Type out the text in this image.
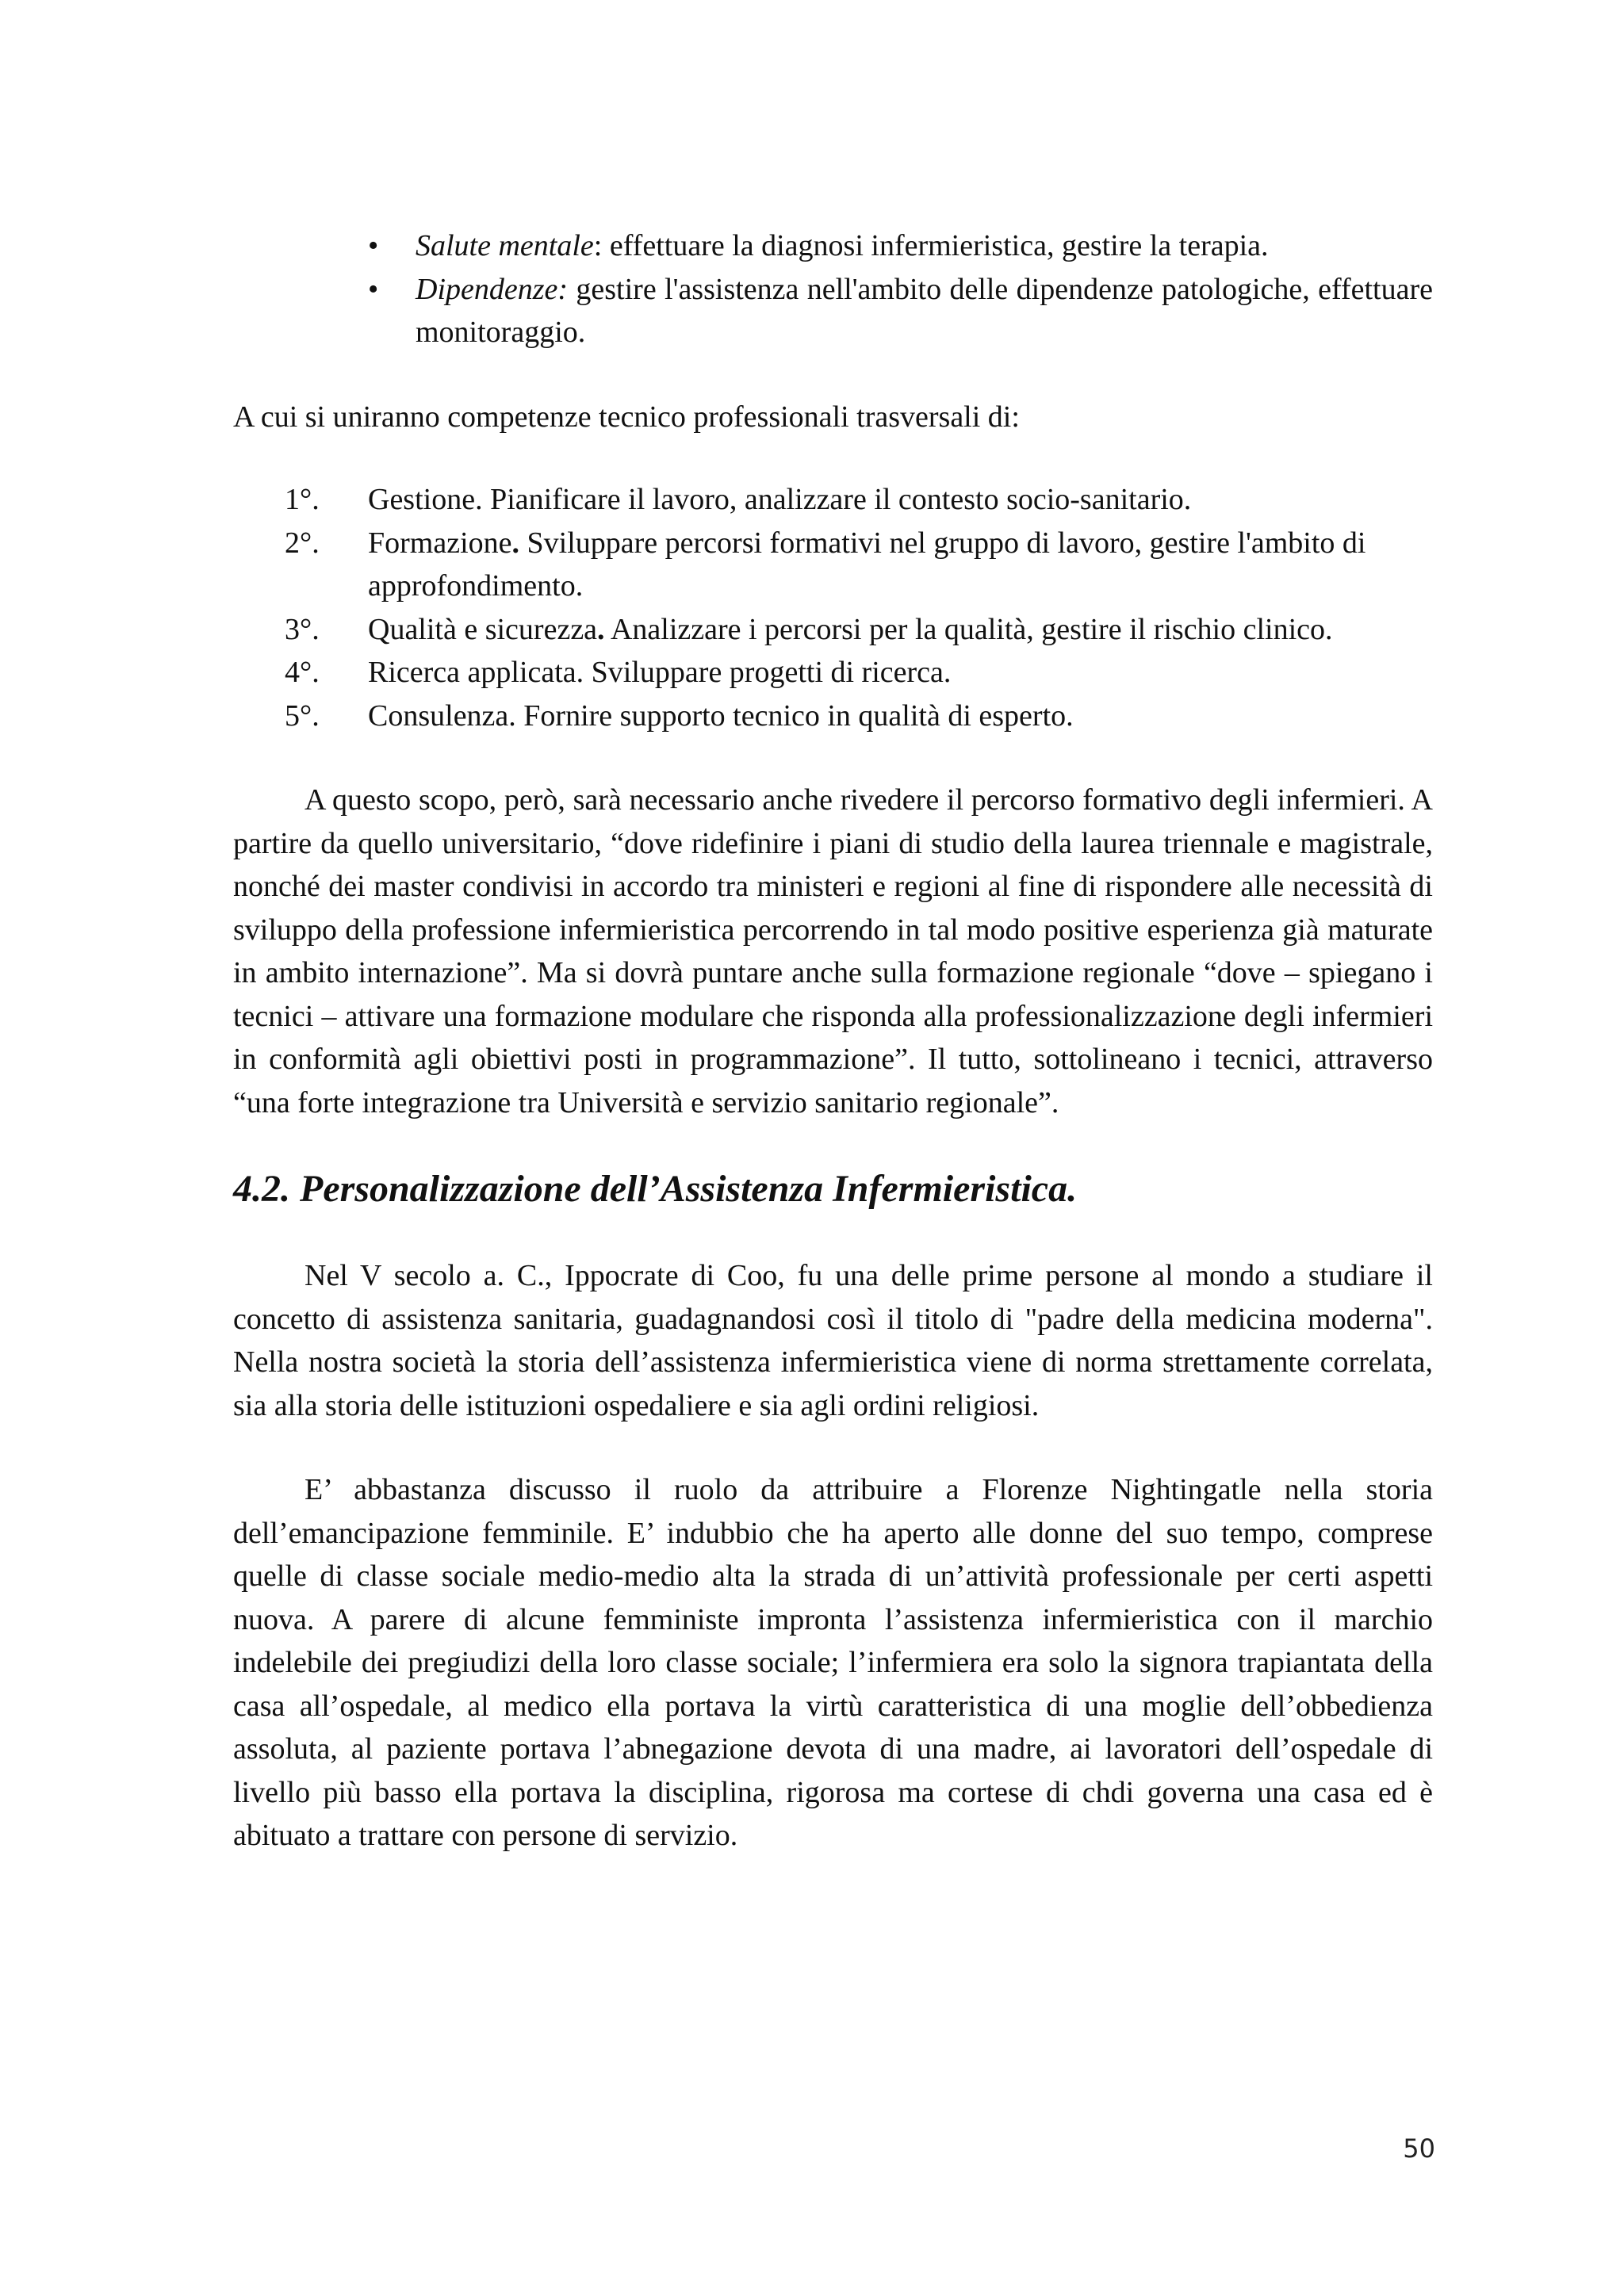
• Salute mentale: effettuare la diagnosi infermieristica, gestire la terapia.
• Dipendenze: gestire l'assistenza nell'ambito delle dipendenze patologiche, effettuare monitoraggio.
A cui si uniranno competenze tecnico professionali trasversali di:
1°.	Gestione. Pianificare il lavoro, analizzare il contesto socio-sanitario.
2°.	Formazione. Sviluppare percorsi formativi nel gruppo di lavoro, gestire l'ambito di approfondimento.
3°.	Qualità e sicurezza. Analizzare i percorsi per la qualità, gestire il rischio clinico.
4°.	Ricerca applicata. Sviluppare progetti di ricerca.
5°.	Consulenza. Fornire supporto tecnico in qualità di esperto.

A questo scopo, però, sarà necessario anche rivedere il percorso formativo degli infermieri. A partire da quello universitario, “dove ridefinire i piani di studio della laurea triennale e magistrale, nonché dei master condivisi in accordo tra ministeri e regioni al fine di rispondere alle necessità di sviluppo della professione infermieristica percorrendo in tal modo positive esperienza già maturate in ambito internazione”. Ma si dovrà puntare anche sulla formazione regionale “dove – spiegano i tecnici – attivare una formazione modulare che risponda alla professionalizzazione degli infermieri in conformità agli obiettivi posti in programmazione”. Il tutto, sottolineano i tecnici, attraverso “una forte integrazione tra Università e servizio sanitario regionale”.

4.2. Personalizzazione dell’Assistenza Infermieristica.

Nel V secolo a. C., Ippocrate di Coo, fu una delle prime persone al mondo a studiare il concetto di assistenza sanitaria, guadagnandosi così il titolo di "padre della medicina moderna". Nella nostra società la storia dell’assistenza infermieristica viene di norma strettamente correlata, sia alla storia delle istituzioni ospedaliere e sia agli ordini religiosi.

E’ abbastanza discusso il ruolo da attribuire a Florenze Nightingatle nella storia dell’emancipazione femminile. E’ indubbio che ha aperto alle donne del suo tempo, comprese quelle di classe sociale medio-medio alta la strada di un’attività professionale per certi aspetti nuova. A parere di alcune femministe impronta l’assistenza infermieristica con il marchio indelebile dei pregiudizi della loro classe sociale; l’infermiera era solo la signora trapiantata della casa all’ospedale, al medico ella portava la virtù caratteristica di una moglie dell’obbedienza assoluta, al paziente portava l’abnegazione devota di una madre, ai lavoratori dell’ospedale di livello più basso ella portava la disciplina, rigorosa ma cortese di chdi governa una casa ed è abituato a trattare con persone di servizio.

50
